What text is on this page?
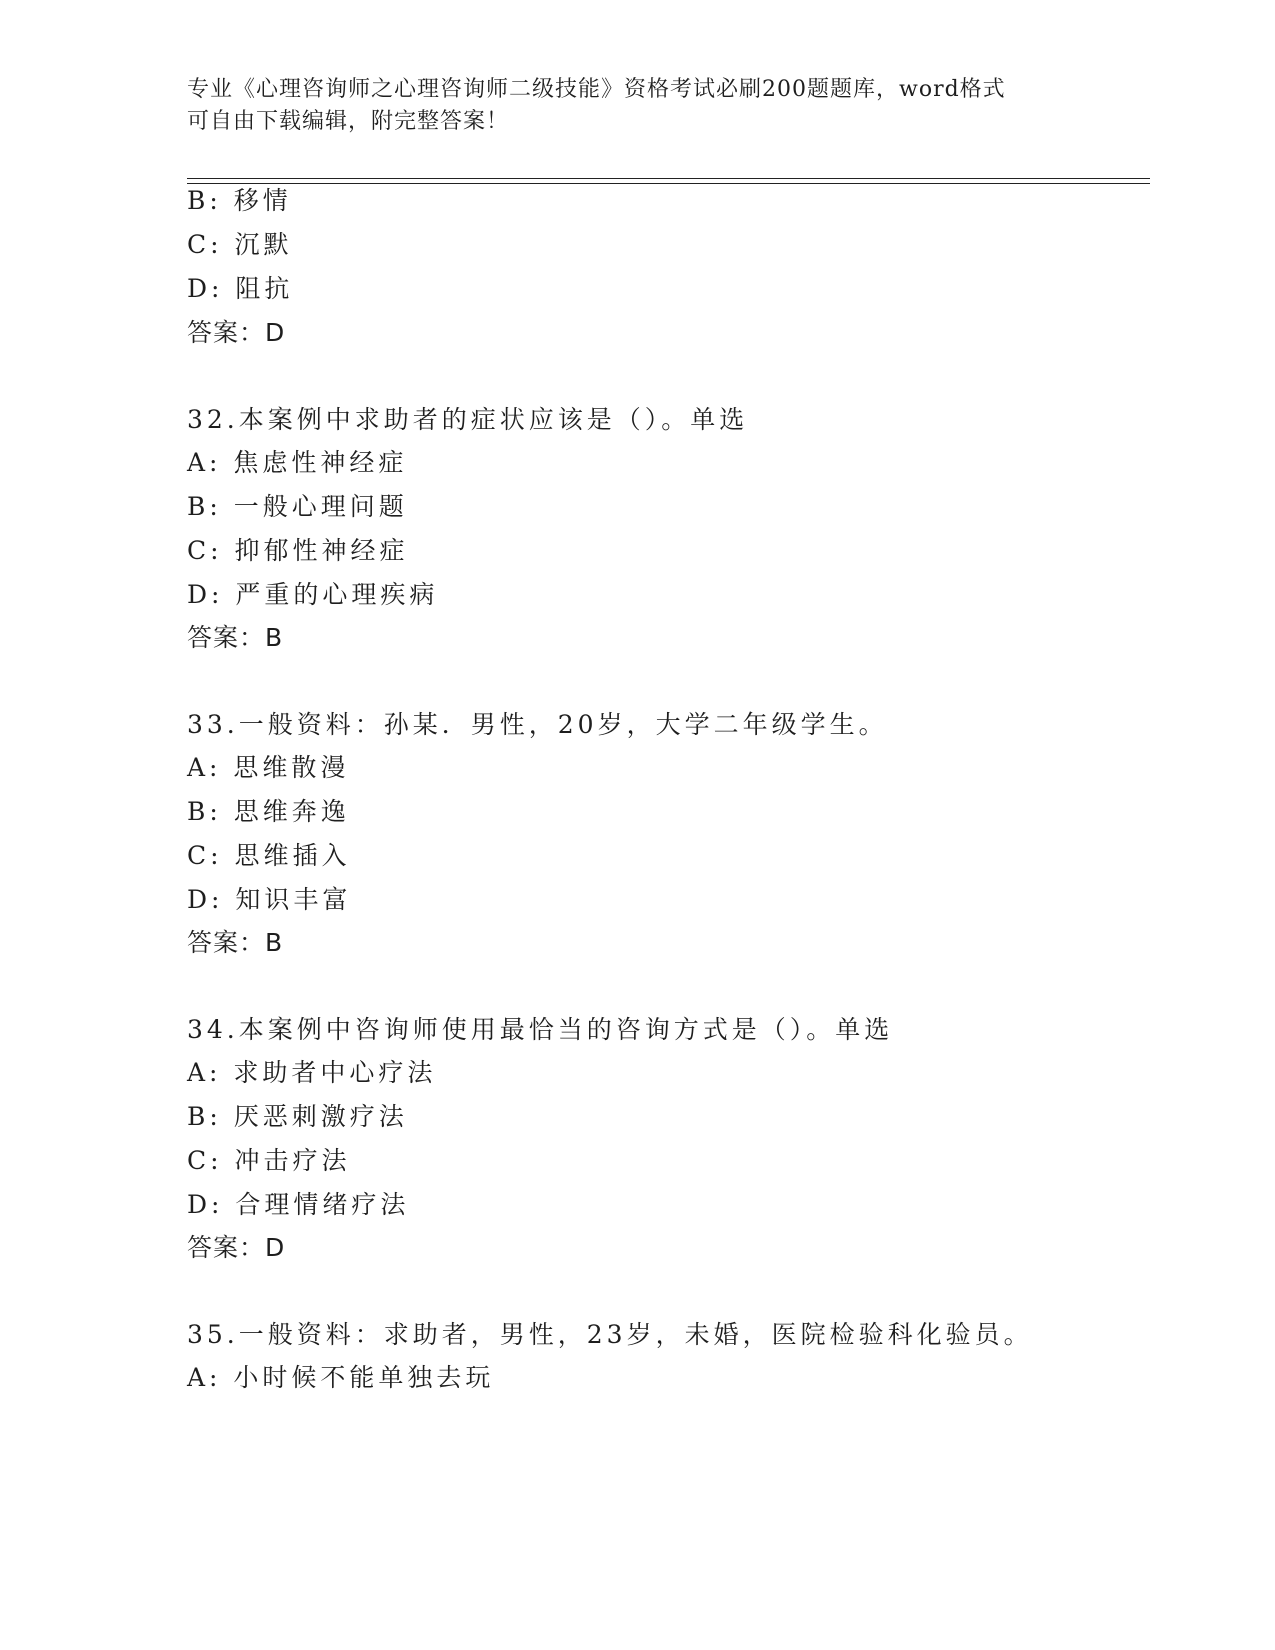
专业《心理咨询师之心理咨询师二级技能》资格考试必刷200题题库，word格式
可自由下载编辑，附完整答案！
B: 移情
C: 沉默
D: 阻抗
答案：D
32.本案例中求助者的症状应该是（）。单选
A: 焦虑性神经症
B: 一般心理问题
C: 抑郁性神经症
D: 严重的心理疾病
答案：B
33.一般资料：孙某．男性，20岁，大学二年级学生。
A: 思维散漫
B: 思维奔逸
C: 思维插入
D: 知识丰富
答案：B
34.本案例中咨询师使用最恰当的咨询方式是（）。单选
A: 求助者中心疗法
B: 厌恶刺激疗法
C: 冲击疗法
D: 合理情绪疗法
答案：D
35.一般资料：求助者，男性，23岁，未婚，医院检验科化验员。
A: 小时候不能单独去玩
